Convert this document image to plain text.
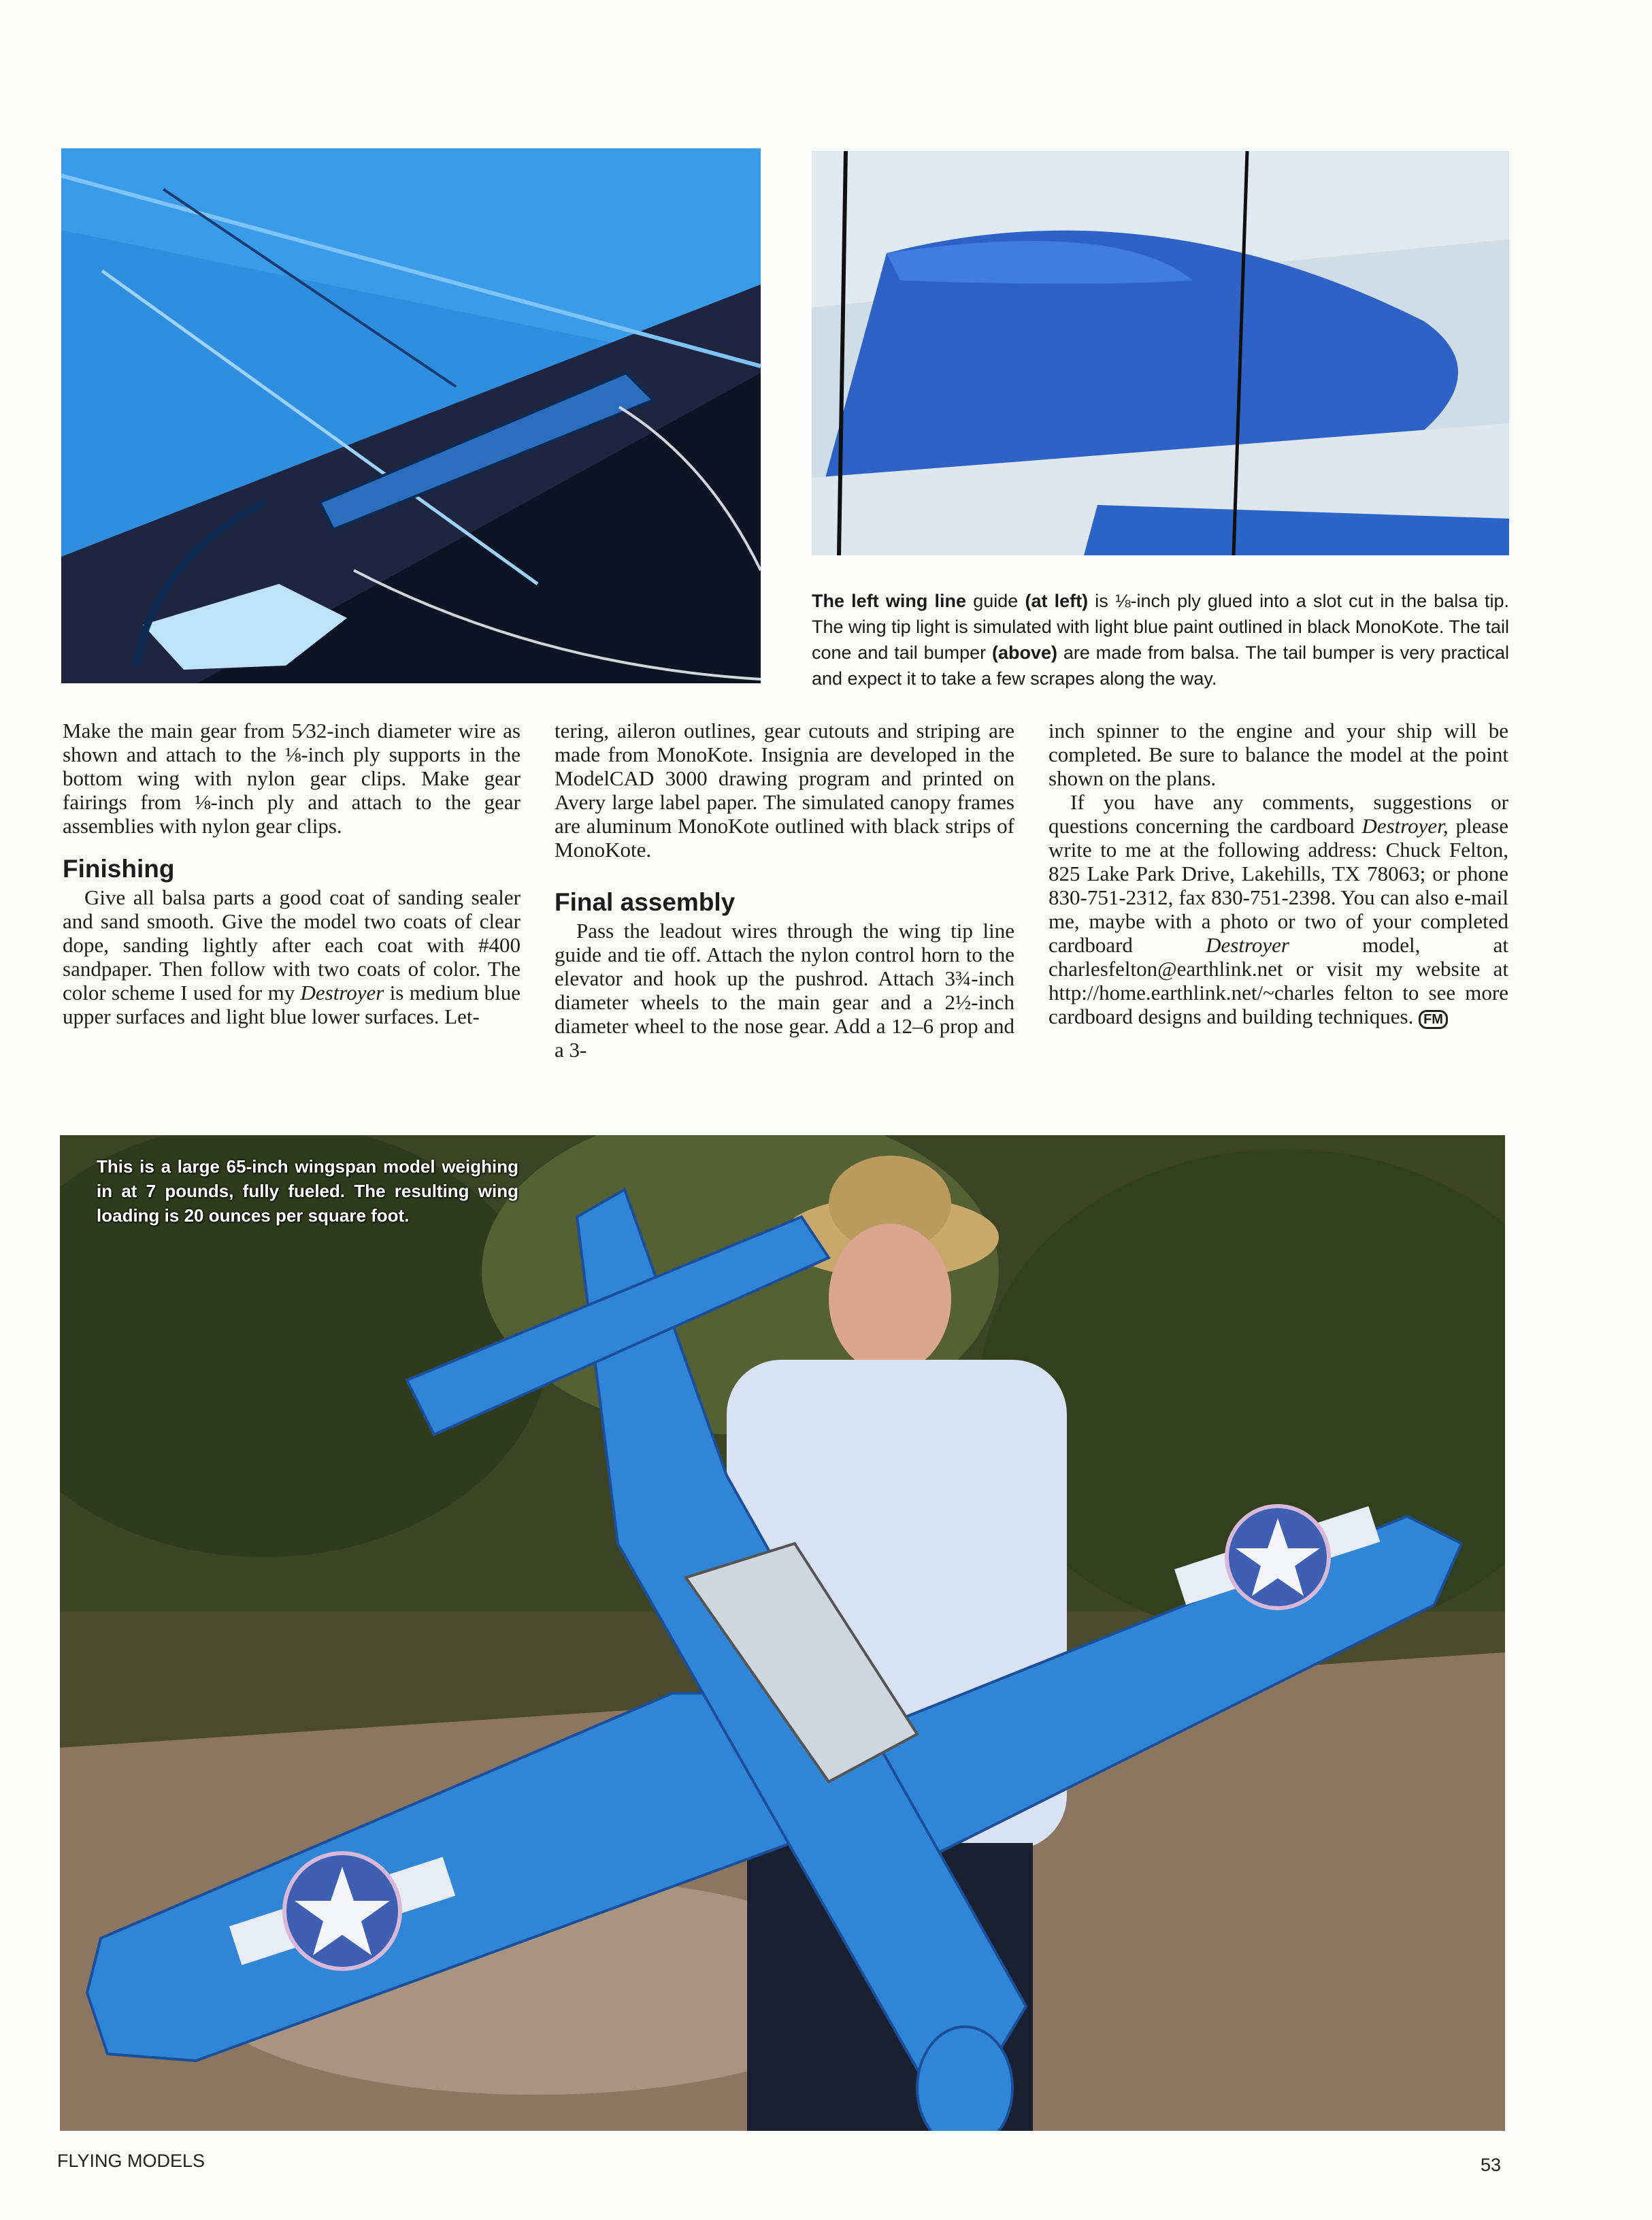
The left wing line guide (at left) is ⅛-inch ply glued into a slot cut in the balsa tip. The wing tip light is simulated with light blue paint outlined in black MonoKote. The tail cone and tail bumper (above) are made from balsa. The tail bumper is very practical and expect it to take a few scrapes along the way.

Make the main gear from 5⁄32-inch diameter wire as shown and attach to the ⅛-inch ply supports in the bottom wing with nylon gear clips. Make gear fairings from ⅛-inch ply and attach to the gear assemblies with nylon gear clips.

Finishing

Give all balsa parts a good coat of sanding sealer and sand smooth. Give the model two coats of clear dope, sanding lightly after each coat with #400 sandpaper. Then follow with two coats of color. The color scheme I used for my Destroyer is medium blue upper surfaces and light blue lower surfaces. Let-

tering, aileron outlines, gear cutouts and striping are made from MonoKote. Insignia are developed in the ModelCAD 3000 drawing program and printed on Avery large label paper. The simulated canopy frames are aluminum MonoKote outlined with black strips of MonoKote.

Final assembly

Pass the leadout wires through the wing tip line guide and tie off. Attach the nylon control horn to the elevator and hook up the pushrod. Attach 3¾-inch diameter wheels to the main gear and a 2½-inch diameter wheel to the nose gear. Add a 12–6 prop and a 3-

inch spinner to the engine and your ship will be completed. Be sure to balance the model at the point shown on the plans.

If you have any comments, suggestions or questions concerning the cardboard Destroyer, please write to me at the following address: Chuck Felton, 825 Lake Park Drive, Lakehills, TX 78063; or phone 830-751-2312, fax 830-751-2398. You can also e-mail me, maybe with a photo or two of your completed cardboard Destroyer model, at charlesfelton@earthlink.net or visit my website at http://home.earthlink.net/~charles felton to see more cardboard designs and building techniques. FM

This is a large 65-inch wingspan model weighing in at 7 pounds, fully fueled. The resulting wing loading is 20 ounces per square foot.
FLYING MODELS	53
